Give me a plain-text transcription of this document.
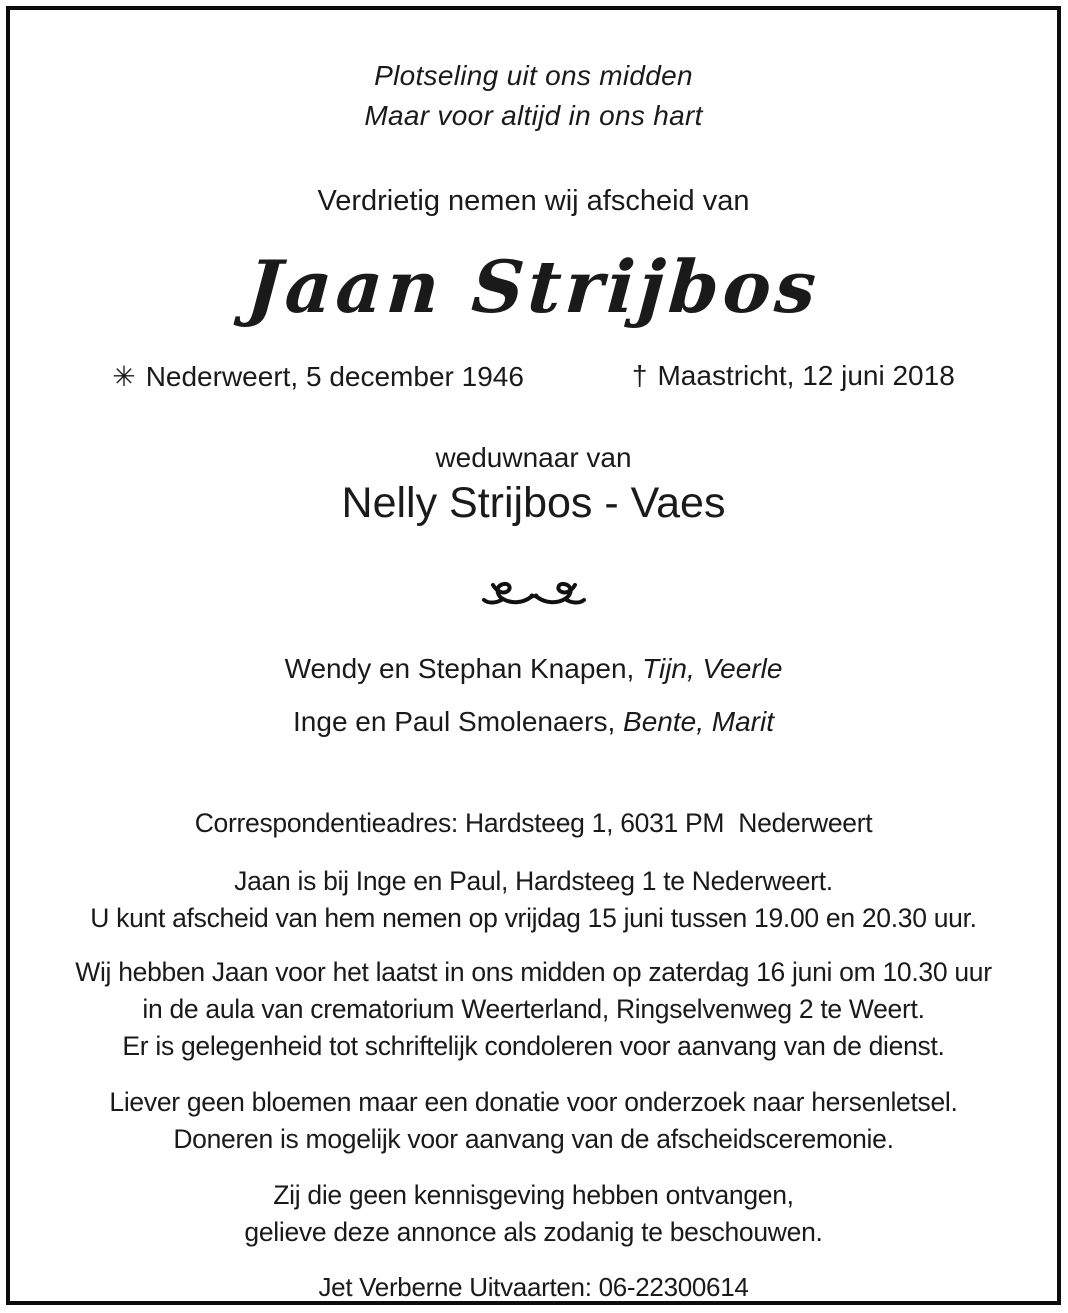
Plotseling uit ons midden
Maar voor altijd in ons hart
Verdrietig nemen wij afscheid van
Jaan Strijbos
✳ Nederweert, 5 december 1946	† Maastricht, 12 juni 2018
weduwnaar van
Nelly Strijbos - Vaes
Wendy en Stephan Knapen, Tijn, Veerle
Inge en Paul Smolenaers, Bente, Marit
Correspondentieadres: Hardsteeg 1, 6031 PM  Nederweert
Jaan is bij Inge en Paul, Hardsteeg 1 te Nederweert.
U kunt afscheid van hem nemen op vrijdag 15 juni tussen 19.00 en 20.30 uur.
Wij hebben Jaan voor het laatst in ons midden op zaterdag 16 juni om 10.30 uur
in de aula van crematorium Weerterland, Ringselvenweg 2 te Weert.
Er is gelegenheid tot schriftelijk condoleren voor aanvang van de dienst.
Liever geen bloemen maar een donatie voor onderzoek naar hersenletsel.
Doneren is mogelijk voor aanvang van de afscheidsceremonie.
Zij die geen kennisgeving hebben ontvangen,
gelieve deze annonce als zodanig te beschouwen.
Jet Verberne Uitvaarten: 06-22300614
